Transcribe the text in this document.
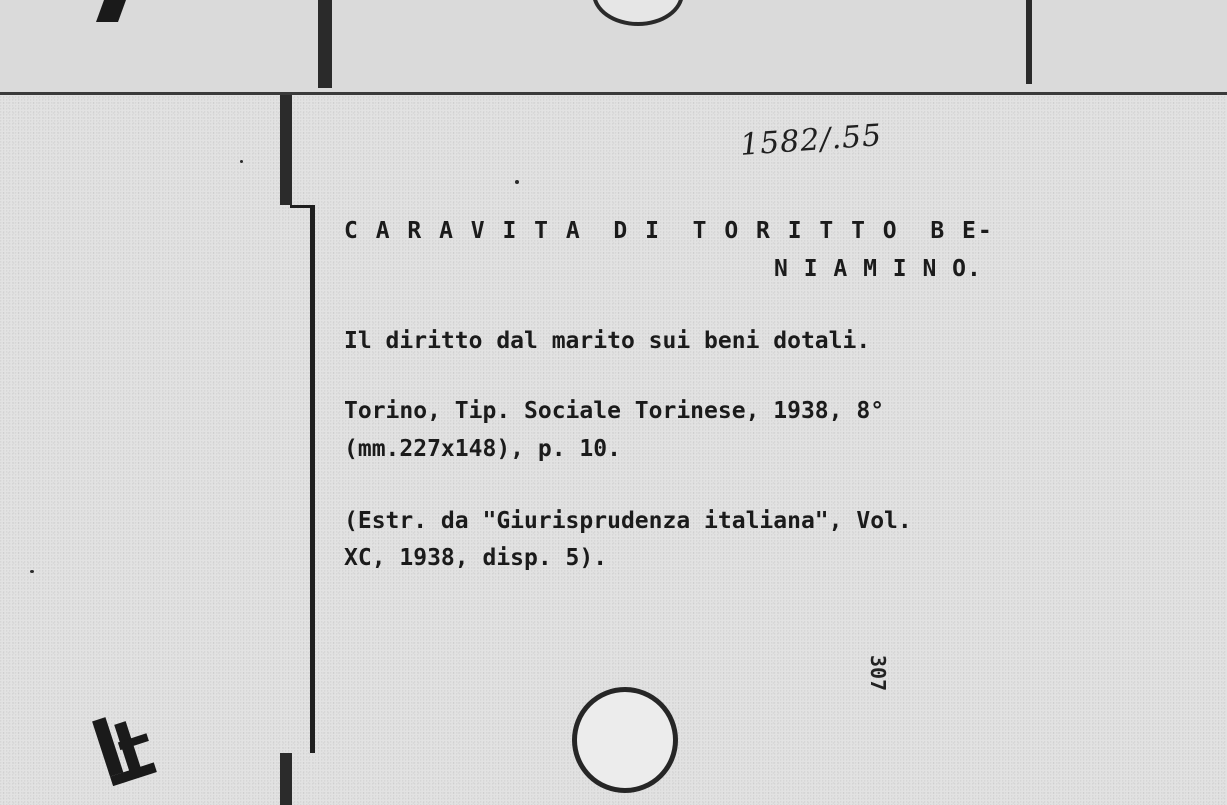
1582/.55
C A R A V I T A  D I  T O R I T T O  B E-
N I A M I N O.
Il diritto dal marito sui beni dotali.
Torino, Tip. Sociale Torinese, 1938, 8°
(mm.227x148), p. 10.
(Estr. da "Giurisprudenza italiana", Vol.
XC, 1938, disp. 5).
307
